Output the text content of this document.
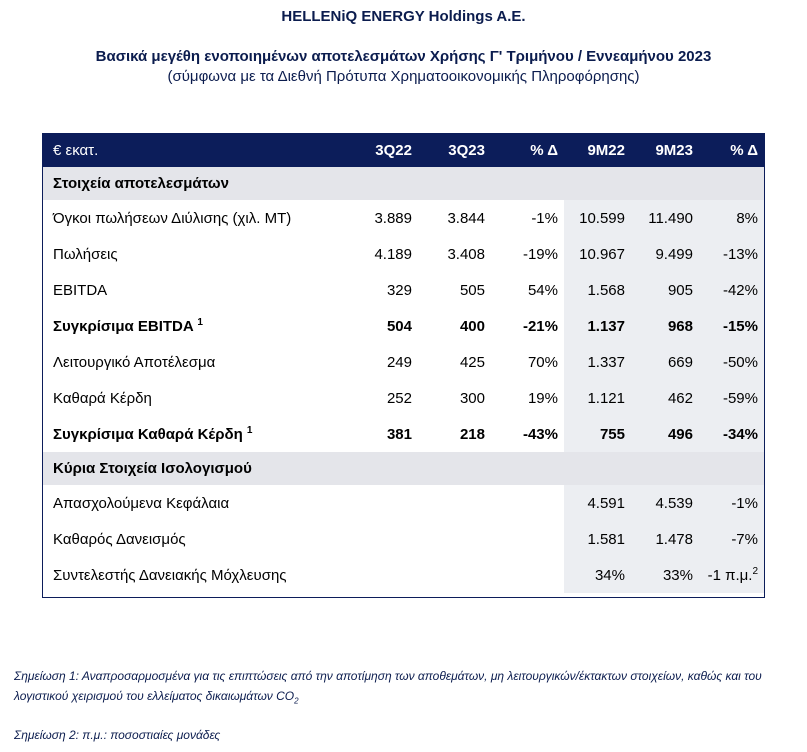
HELLENiQ ENERGY Holdings A.E.
Βασικά μεγέθη ενοποιημένων αποτελεσμάτων Χρήσης Γ' Τριμήνου / Εννεαμήνου 2023
(σύμφωνα με τα Διεθνή Πρότυπα Χρηματοοικονομικής Πληροφόρησης)
€ εκατ.	3Q22	3Q23	% Δ	9M22	9M23	% Δ
Στοιχεία αποτελεσμάτων						
Όγκοι πωλήσεων Διύλισης (χιλ. MT)	3.889	3.844	-1%	10.599	11.490	8%
Πωλήσεις	4.189	3.408	-19%	10.967	9.499	-13%
EBITDA	329	505	54%	1.568	905	-42%
Συγκρίσιμα EBITDA $^1$	504	400	-21%	1.137	968	-15%
Λειτουργικό Αποτέλεσμα	249	425	70%	1.337	669	-50%
Καθαρά Κέρδη	252	300	19%	1.121	462	-59%
Συγκρίσιμα Καθαρά Κέρδη $^1$	381	218	-43%	755	496	-34%
Κύρια Στοιχεία Ισολογισμού						
Απασχολούμενα Κεφάλαια				4.591	4.539	-1%
Καθαρός Δανεισμός				1.581	1.478	-7%
Συντελεστής Δανειακής Μόχλευσης				34%	33%	-1 π.μ.$^2$
Σημείωση 1: Αναπροσαρμοσμένα για τις επιπτώσεις από την αποτίμηση των αποθεμάτων, μη λειτουργικών/έκτακτων στοιχείων, καθώς και του λογιστικού χειρισμού του ελλείματος δικαιωμάτων $CO_2$
Σημείωση 2: π.μ.: ποσοστιαίες μονάδες
